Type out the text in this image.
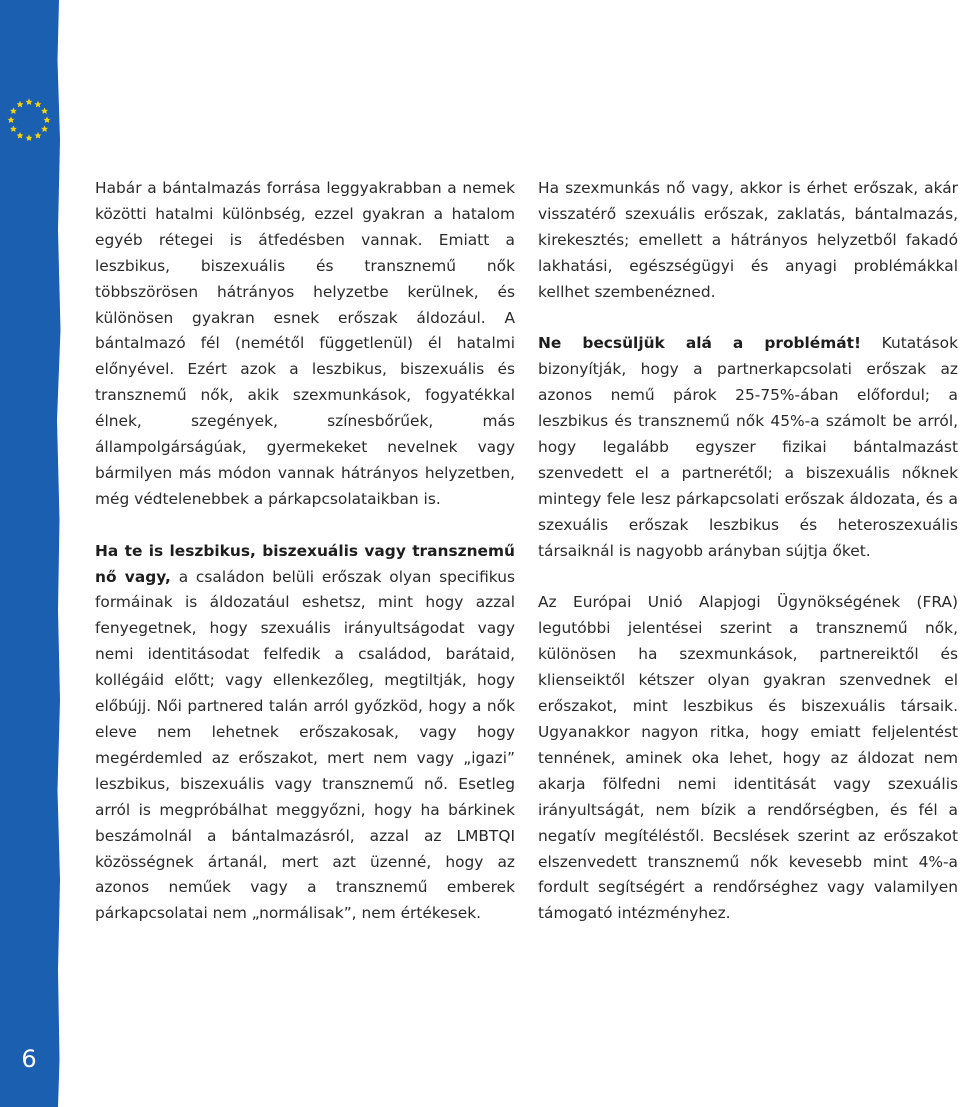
6

Habár a bántalmazás forrása leggyakrabban a nemek közötti hatalmi különbség, ezzel gyakran a hatalom egyéb rétegei is átfedésben vannak. Emiatt a leszbikus, biszexuális és transznemű nők többszörösen hátrányos helyzetbe kerülnek, és különösen gyakran esnek erőszak áldozául. A bántalmazó fél (nemétől függetlenül) él hatalmi előnyével. Ezért azok a leszbikus, biszexuális és transznemű nők, akik szexmunkások, fogyatékkal élnek, szegények, színesbőrűek, más állampolgárságúak, gyermekeket nevelnek vagy bármilyen más módon vannak hátrányos helyzetben, még védtelenebbek a párkapcsolataikban is.

Ha te is leszbikus, biszexuális vagy transznemű nő vagy, a családon belüli erőszak olyan specifikus formáinak is áldozatául eshetsz, mint hogy azzal fenyegetnek, hogy szexuális irányultságodat vagy nemi identitásodat felfedik a családod, barátaid, kollégáid előtt; vagy ellenkezőleg, megtiltják, hogy előbújj. Női partnered talán arról győzköd, hogy a nők eleve nem lehetnek erőszakosak, vagy hogy megérdemled az erőszakot, mert nem vagy „igazi” leszbikus, biszexuális vagy transznemű nő. Esetleg arról is megpróbálhat meggyőzni, hogy ha bárkinek beszámolnál a bántalmazásról, azzal az LMBTQI közösségnek ártanál, mert azt üzenné, hogy az azonos neműek vagy a transznemű emberek párkapcsolatai nem „normálisak”, nem értékesek.

Ha szexmunkás nő vagy, akkor is érhet erőszak, akár visszatérő szexuális erőszak, zaklatás, bántalmazás, kirekesztés; emellett a hátrányos helyzetből fakadó lakhatási, egészségügyi és anyagi problémákkal kellhet szembenézned.

Ne becsüljük alá a problémát! Kutatások bizonyítják, hogy a partnerkapcsolati erőszak az azonos nemű párok 25-75%-ában előfordul; a leszbikus és transznemű nők 45%-a számolt be arról, hogy legalább egyszer fizikai bántalmazást szenvedett el a partnerétől; a biszexuális nőknek mintegy fele lesz párkapcsolati erőszak áldozata, és a szexuális erőszak leszbikus és heteroszexuális társaiknál is nagyobb arányban sújtja őket.

Az Európai Unió Alapjogi Ügynökségének (FRA) legutóbbi jelentései szerint a transznemű nők, különösen ha szexmunkások, partnereiktől és klienseiktől kétszer olyan gyakran szenvednek el erőszakot, mint leszbikus és biszexuális társaik. Ugyanakkor nagyon ritka, hogy emiatt feljelentést tennének, aminek oka lehet, hogy az áldozat nem akarja fölfedni nemi identitását vagy szexuális irányultságát, nem bízik a rendőrségben, és fél a negatív megítéléstől. Becslések szerint az erőszakot elszenvedett transznemű nők kevesebb mint 4%-a fordult segítségért a rendőrséghez vagy valamilyen támogató intézményhez.
